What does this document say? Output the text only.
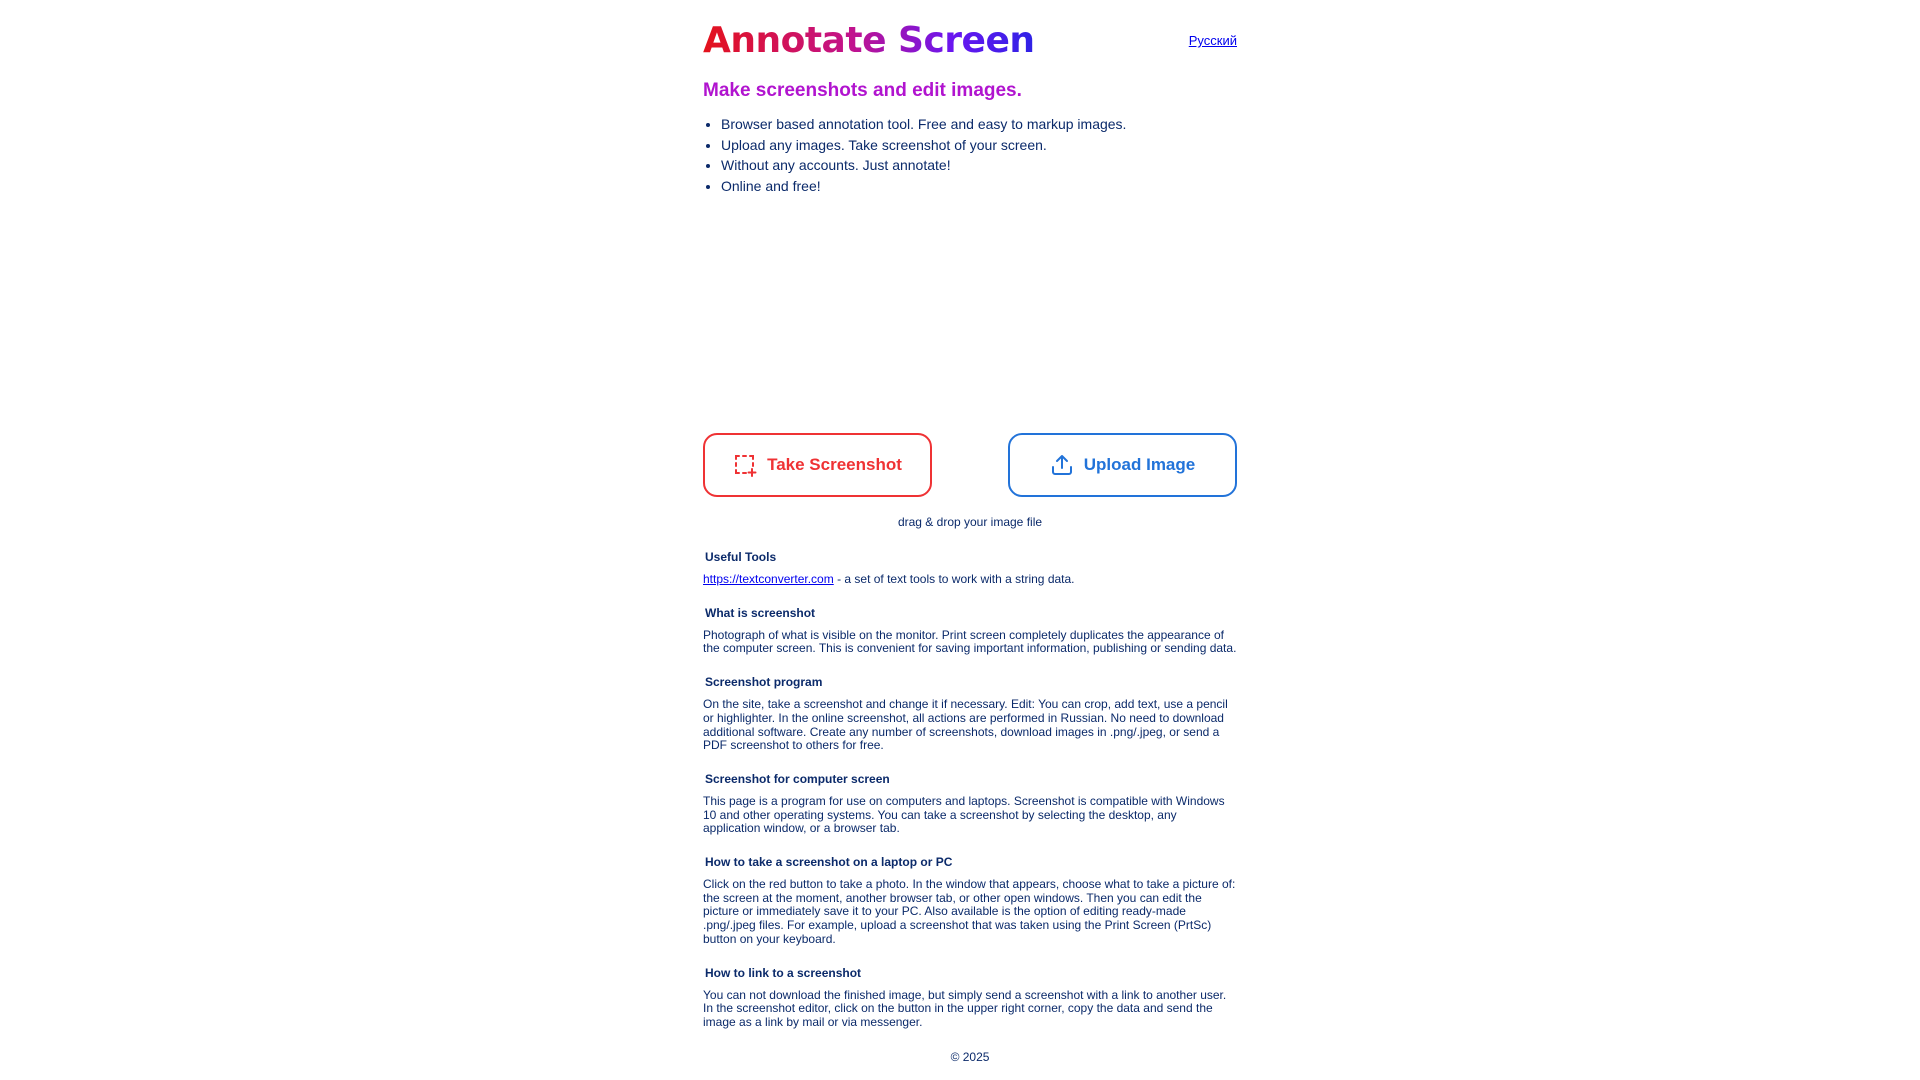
Annotate Screen	Русский
Make screenshots and edit images.
• Browser based annotation tool. Free and easy to markup images.
• Upload any images. Take screenshot of your screen.
• Without any accounts. Just annotate!
• Online and free!
Take Screenshot	Upload Image
drag & drop your image file
Useful Tools

https://textconverter.com - a set of text tools to work with a string data.

What is screenshot

Photograph of what is visible on the monitor. Print screen completely duplicates the appearance of the computer screen. This is convenient for saving important information, publishing or sending data.

Screenshot program

On the site, take a screenshot and change it if necessary. Edit: You can crop, add text, use a pencil or highlighter. In the online screenshot, all actions are performed in Russian. No need to download additional software. Create any number of screenshots, download images in .png/.jpeg, or send a PDF screenshot to others for free.

Screenshot for computer screen

This page is a program for use on computers and laptops. Screenshot is compatible with Windows 10 and other operating systems. You can take a screenshot by selecting the desktop, any application window, or a browser tab.

How to take a screenshot on a laptop or PC

Click on the red button to take a photo. In the window that appears, choose what to take a picture of: the screen at the moment, another browser tab, or other open windows. Then you can edit the picture or immediately save it to your PC. Also available is the option of editing ready-made .png/.jpeg files. For example, upload a screenshot that was taken using the Print Screen (PrtSc) button on your keyboard.

How to link to a screenshot

You can not download the finished image, but simply send a screenshot with a link to another user. In the screenshot editor, click on the button in the upper right corner, copy the data and send the image as a link by mail or via messenger.

© 2025
